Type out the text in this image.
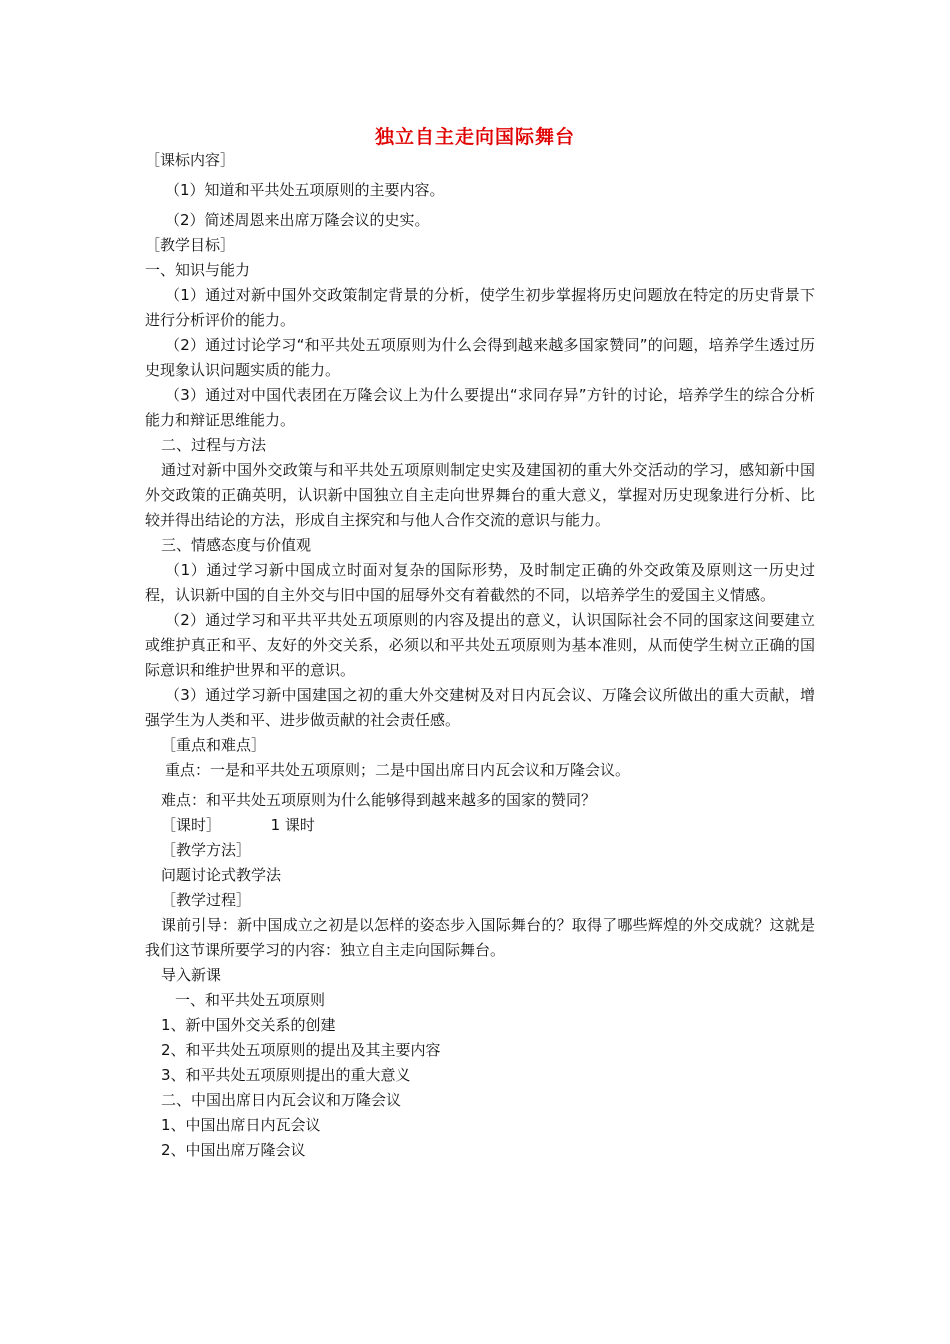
独立自主走向国际舞台
［课标内容］
（1）知道和平共处五项原则的主要内容。
（2）简述周恩来出席万隆会议的史实。
［教学目标］
一、知识与能力

（1）通过对新中国外交政策制定背景的分析，使学生初步掌握将历史问题放在特定的历史背景下进行分析评价的能力。

（2）通过讨论学习“和平共处五项原则为什么会得到越来越多国家赞同”的问题，培养学生透过历史现象认识问题实质的能力。

（3）通过对中国代表团在万隆会议上为什么要提出“求同存异”方针的讨论，培养学生的综合分析能力和辩证思维能力。

二、过程与方法

通过对新中国外交政策与和平共处五项原则制定史实及建国初的重大外交活动的学习，感知新中国外交政策的正确英明，认识新中国独立自主走向世界舞台的重大意义，掌握对历史现象进行分析、比较并得出结论的方法，形成自主探究和与他人合作交流的意识与能力。

三、情感态度与价值观

（1）通过学习新中国成立时面对复杂的国际形势，及时制定正确的外交政策及原则这一历史过程，认识新中国的自主外交与旧中国的屈辱外交有着截然的不同，以培养学生的爱国主义情感。

（2）通过学习和平共平共处五项原则的内容及提出的意义，认识国际社会不同的国家这间要建立或维护真正和平、友好的外交关系，必须以和平共处五项原则为基本准则，从而使学生树立正确的国际意识和维护世界和平的意识。

（3）通过学习新中国建国之初的重大外交建树及对日内瓦会议、万隆会议所做出的重大贡献，增强学生为人类和平、进步做贡献的社会责任感。

［重点和难点］
重点：一是和平共处五项原则；二是中国出席日内瓦会议和万隆会议。
难点：和平共处五项原则为什么能够得到越来越多的国家的赞同？
［课时］	1 课时
［教学方法］
问题讨论式教学法
［教学过程］

课前引导：新中国成立之初是以怎样的姿态步入国际舞台的？取得了哪些辉煌的外交成就？这就是我们这节课所要学习的内容：独立自主走向国际舞台。

导入新课
一、和平共处五项原则
1、新中国外交关系的创建
2、和平共处五项原则的提出及其主要内容
3、和平共处五项原则提出的重大意义
二、中国出席日内瓦会议和万隆会议
1、中国出席日内瓦会议
2、中国出席万隆会议
